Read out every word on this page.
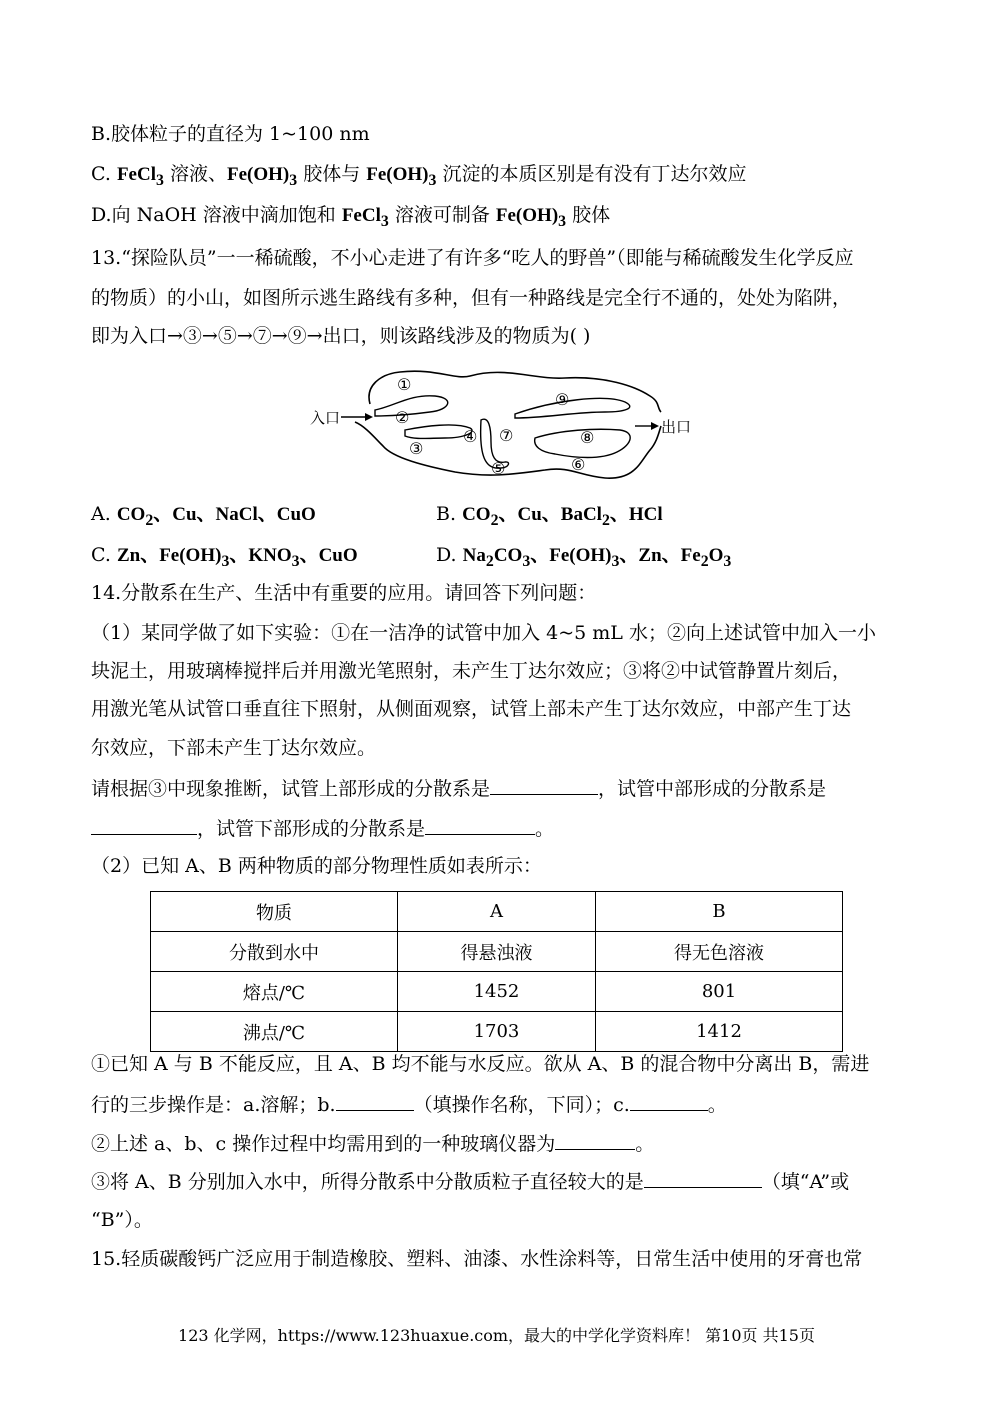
B.胶体粒子的直径为 1~100 nm
C. FeCl$_3$ 溶液、$Fe(OH)_3$ 胶体与 $Fe(OH)_3$ 沉淀的本质区别是有没有丁达尔效应
D.向 NaOH 溶液中滴加饱和 FeCl$_3$ 溶液可制备 $Fe(OH)_3$ 胶体
13.“探险队员”一一稀硫酸，不小心走进了有许多“吃人的野兽”（即能与稀硫酸发生化学反应
的物质）的小山，如图所示逃生路线有多种，但有一种路线是完全行不通的，处处为陷阱，
即为入口→③→⑤→⑦→⑨→出口，则该路线涉及的物质为( )
入口	出口
①
②
③
④
⑤	⑥
⑦	⑧
⑨
A. $CO_2$、Cu、NaCl、CuO	B. $CO_2$、Cu、BaCl$_2$、HCl
C. Zn、$Fe(OH)_3$、$KNO_3$、CuO	D. $Na_2CO_3$、$Fe(OH)_3$、Zn、$Fe_2O_3$
14.分散系在生产、生活中有重要的应用。请回答下列问题：
（1）某同学做了如下实验：①在一洁净的试管中加入 4~5 mL 水；②向上述试管中加入一小
块泥土，用玻璃棒搅拌后并用激光笔照射，未产生丁达尔效应；③将②中试管静置片刻后，
用激光笔从试管口垂直往下照射，从侧面观察，试管上部未产生丁达尔效应，中部产生丁达
尔效应，下部未产生丁达尔效应。
请根据③中现象推断，试管上部形成的分散系是	，试管中部形成的分散系是
，试管下部形成的分散系是	。
（2）已知 A、B 两种物质的部分物理性质如表所示：
物质	A	B
分散到水中	得悬浊液	得无色溶液
熔点/℃	1452	801
沸点/℃	1703	1412
①已知 A 与 B 不能反应，且 A、B 均不能与水反应。欲从 A、B 的混合物中分离出 B，需进
行的三步操作是：a.溶解；b.	（填操作名称，下同）；c.	。
②上述 a、b、c 操作过程中均需用到的一种玻璃仪器为	。
③将 A、B 分别加入水中，所得分散系中分散质粒子直径较大的是	（填“A”或
“B”）。
15.轻质碳酸钙广泛应用于制造橡胶、塑料、油漆、水性涂料等，日常生活中使用的牙膏也常
123 化学网，https://www.123huaxue.com，最大的中学化学资料库！ 第10页 共15页
